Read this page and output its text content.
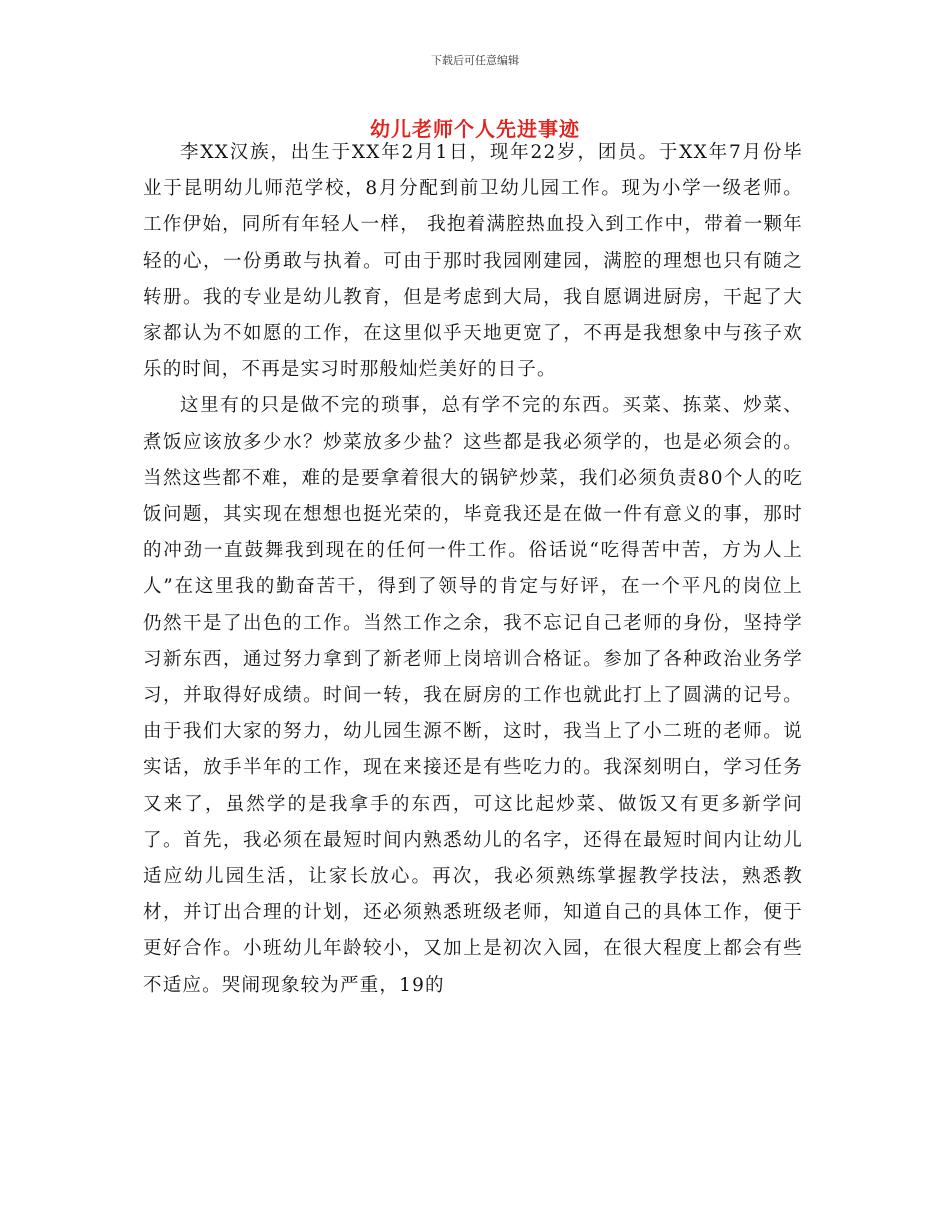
下载后可任意编辑
幼儿老师个人先进事迹

李XX汉族，出生于XX年2月1日，现年22岁，团员。于XX年7月份毕业于昆明幼儿师范学校，8月分配到前卫幼儿园工作。现为小学一级老师。工作伊始，同所有年轻人一样， 我抱着满腔热血投入到工作中，带着一颗年轻的心，一份勇敢与执着。可由于那时我园刚建园，满腔的理想也只有随之转册。我的专业是幼儿教育，但是考虑到大局，我自愿调进厨房，干起了大家都认为不如愿的工作，在这里似乎天地更宽了，不再是我想象中与孩子欢乐的时间，不再是实习时那般灿烂美好的日子。

这里有的只是做不完的琐事，总有学不完的东西。买菜、拣菜、炒菜、煮饭应该放多少水？炒菜放多少盐？这些都是我必须学的，也是必须会的。当然这些都不难，难的是要拿着很大的锅铲炒菜，我们必须负责80个人的吃饭问题，其实现在想想也挺光荣的，毕竟我还是在做一件有意义的事，那时的冲劲一直鼓舞我到现在的任何一件工作。俗话说“吃得苦中苦，方为人上人”在这里我的勤奋苦干，得到了领导的肯定与好评，在一个平凡的岗位上仍然干是了出色的工作。当然工作之余，我不忘记自己老师的身份，坚持学习新东西，通过努力拿到了新老师上岗培训合格证。参加了各种政治业务学习，并取得好成绩。时间一转，我在厨房的工作也就此打上了圆满的记号。由于我们大家的努力，幼儿园生源不断，这时，我当上了小二班的老师。说实话，放手半年的工作，现在来接还是有些吃力的。我深刻明白，学习任务又来了，虽然学的是我拿手的东西，可这比起炒菜、做饭又有更多新学问了。首先，我必须在最短时间内熟悉幼儿的名字，还得在最短时间内让幼儿适应幼儿园生活，让家长放心。再次，我必须熟练掌握教学技法，熟悉教材，并订出合理的计划，还必须熟悉班级老师，知道自己的具体工作，便于更好合作。小班幼儿年龄较小，又加上是初次入园，在很大程度上都会有些不适应。哭闹现象较为严重，19的
